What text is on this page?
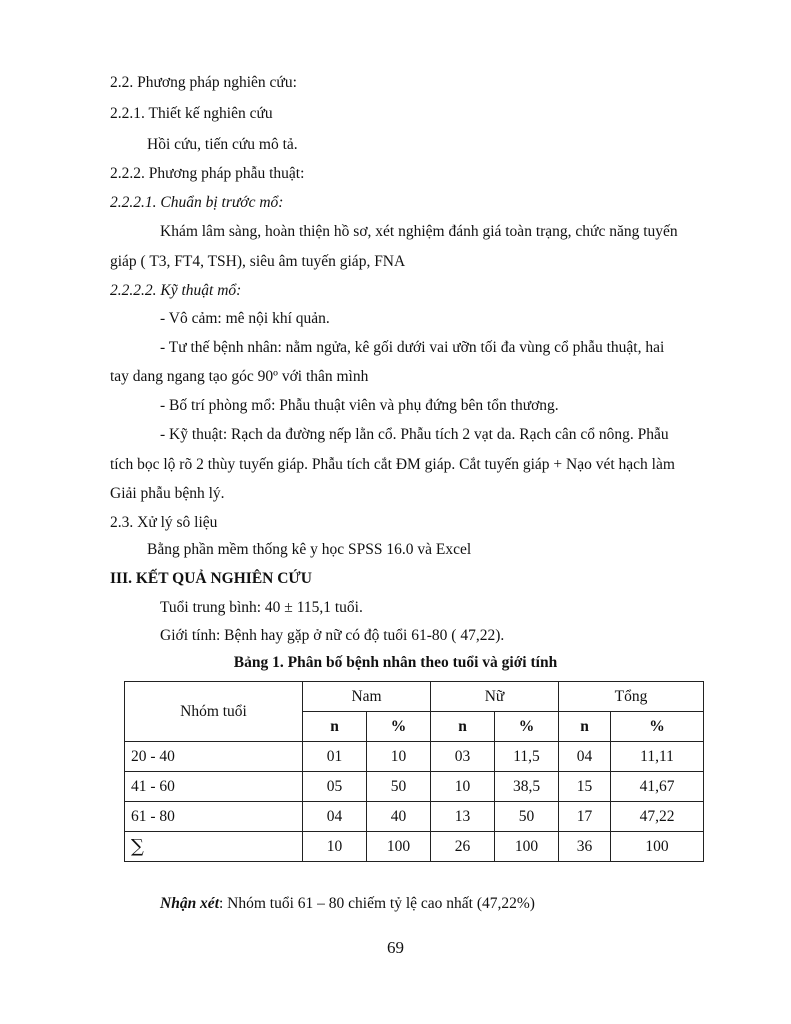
2.2. Phương pháp nghiên cứu:
2.2.1. Thiết kế nghiên cứu
Hồi cứu, tiến cứu mô tả.
2.2.2. Phương pháp phẫu thuật:
2.2.2.1. Chuẩn bị trước mổ:
Khám lâm sàng, hoàn thiện hồ sơ, xét nghiệm đánh giá toàn trạng, chức năng tuyến
giáp ( T3, FT4, TSH), siêu âm tuyến giáp, FNA
2.2.2.2. Kỹ thuật mổ:
- Vô cảm: mê nội khí quản.
- Tư thế bệnh nhân: nằm ngửa, kê gối dưới vai ưỡn tối đa vùng cổ phẫu thuật, hai
tay dang ngang tạo góc 90º với thân mình
- Bố trí phòng mổ: Phẫu thuật viên và phụ đứng bên tổn thương.
- Kỹ thuật: Rạch da đường nếp lằn cổ. Phẫu tích 2 vạt da. Rạch cân cổ nông. Phẫu
tích bọc lộ rõ 2 thùy tuyến giáp. Phẫu tích cắt ĐM giáp. Cắt tuyến giáp + Nạo vét hạch làm
Giải phẫu bệnh lý.
2.3. Xử lý sô liệu
Bằng phần mềm thống kê y học SPSS 16.0 và Excel
III. KẾT QUẢ NGHIÊN CỨU
Tuổi trung bình: 40 ± 115,1 tuổi.
Giới tính: Bệnh hay gặp ở nữ có độ tuổi 61-80 ( 47,22).
Bảng 1. Phân bố bệnh nhân theo tuổi và giới tính
Nhóm tuổi	Nam		Nữ		Tổng	
	n	%	n	%	n	%
20 - 40	01	10	03	11,5	04	11,11
41 - 60	05	50	10	38,5	15	41,67
61 - 80	04	40	13	50	17	47,22
∑	10	100	26	100	36	100
Nhận xét: Nhóm tuổi 61 – 80 chiếm tỷ lệ cao nhất (47,22%)
69
